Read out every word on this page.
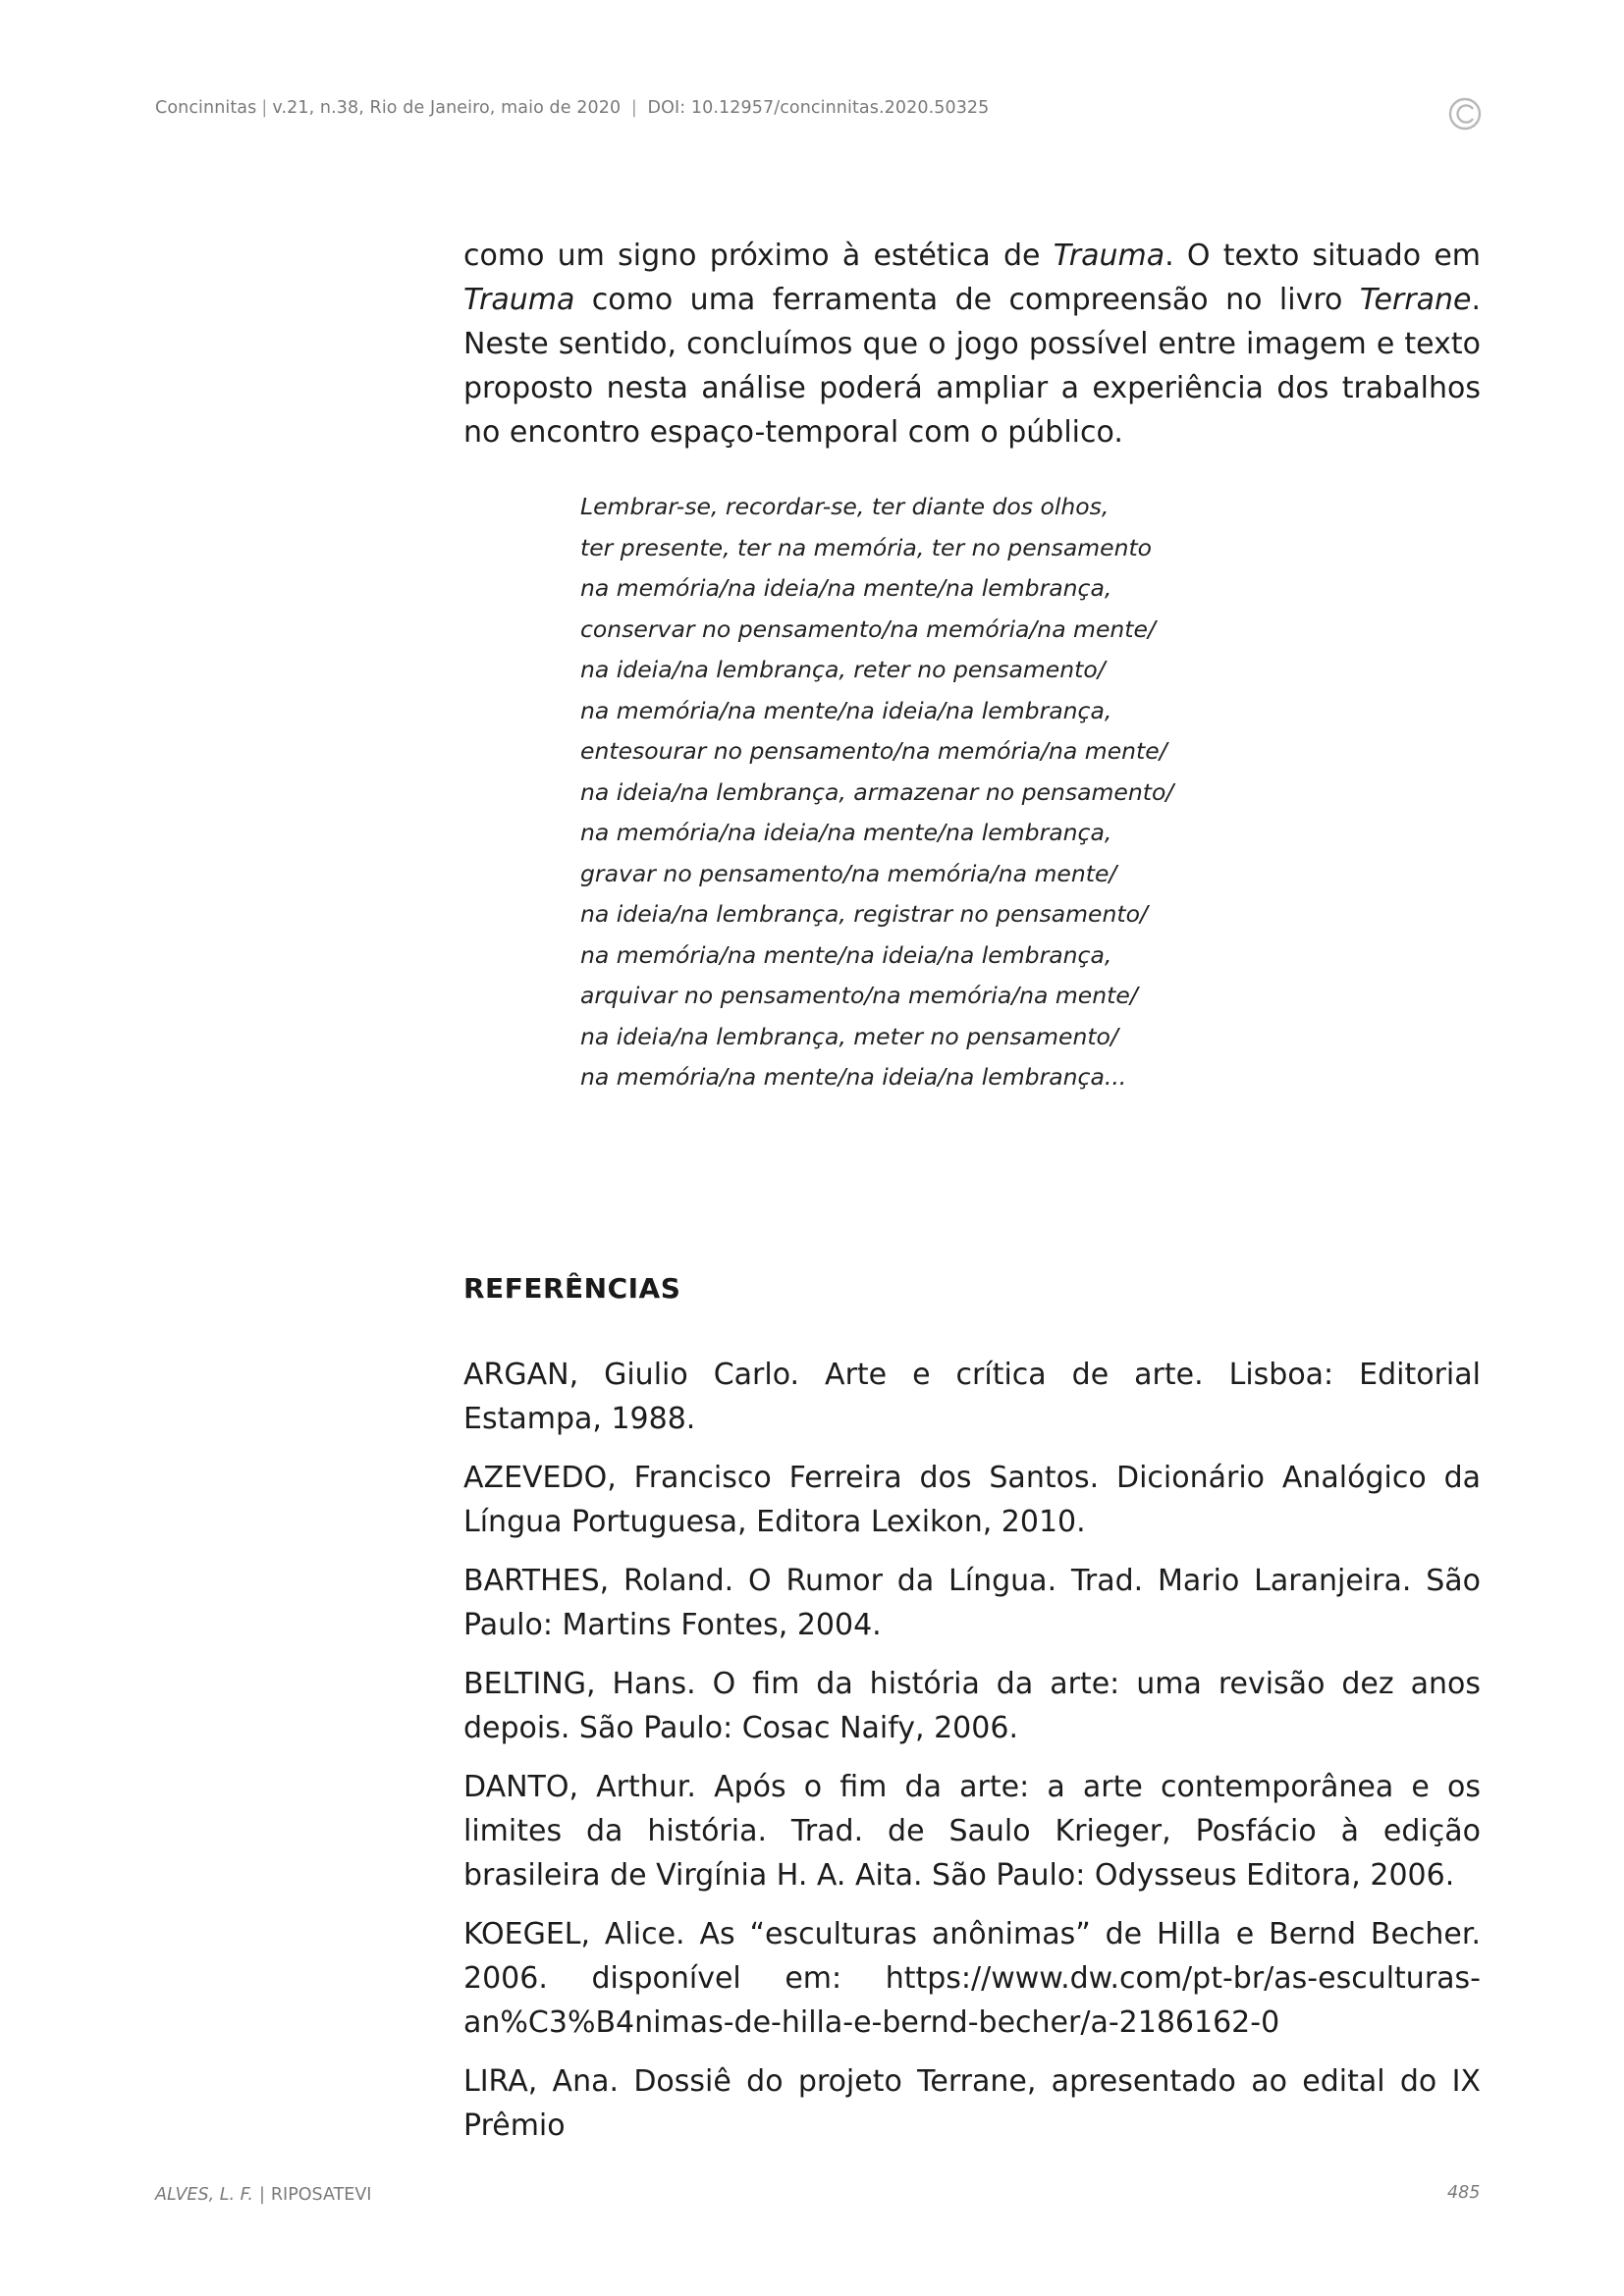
Concinnitas | v.21, n.38, Rio de Janeiro, maio de 2020 | DOI: 10.12957/concinnitas.2020.50325
como um signo próximo à estética de Trauma. O texto situado em Trauma como uma ferramenta de compreensão no livro Terrane. Neste sentido, concluímos que o jogo possível entre imagem e texto proposto nesta análise poderá ampliar a experiência dos trabalhos no encontro espaço-temporal com o público.
Lembrar-se, recordar-se, ter diante dos olhos,
ter presente, ter na memória, ter no pensamento
na memória/na ideia/na mente/na lembrança,
conservar no pensamento/na memória/na mente/
na ideia/na lembrança, reter no pensamento/
na memória/na mente/na ideia/na lembrança,
entesourar no pensamento/na memória/na mente/
na ideia/na lembrança, armazenar no pensamento/
na memória/na ideia/na mente/na lembrança,
gravar no pensamento/na memória/na mente/
na ideia/na lembrança, registrar no pensamento/
na memória/na mente/na ideia/na lembrança,
arquivar no pensamento/na memória/na mente/
na ideia/na lembrança, meter no pensamento/
na memória/na mente/na ideia/na lembrança...
REFERÊNCIAS
ARGAN, Giulio Carlo. Arte e crítica de arte. Lisboa: Editorial Estampa, 1988.
AZEVEDO, Francisco Ferreira dos Santos. Dicionário Analógico da Língua Portuguesa, Editora Lexikon, 2010.
BARTHES, Roland. O Rumor da Língua. Trad. Mario Laranjeira. São Paulo: Martins Fontes, 2004.
BELTING, Hans. O fim da história da arte: uma revisão dez anos depois. São Paulo: Cosac Naify, 2006.
DANTO, Arthur. Após o fim da arte: a arte contemporânea e os limites da história. Trad. de Saulo Krieger, Posfácio à edição brasileira de Virgínia H. A. Aita. São Paulo: Odysseus Editora, 2006.
KOEGEL, Alice. As “esculturas anônimas” de Hilla e Bernd Becher. 2006. disponível em: https://www.dw.com/pt-br/as-esculturas-an%C3%B4nimas-de-hilla-e-bernd-becher/a-2186162-0
LIRA, Ana. Dossiê do projeto Terrane, apresentado ao edital do IX Prêmio
ALVES, L. F. | RIPOSATEVI	485
